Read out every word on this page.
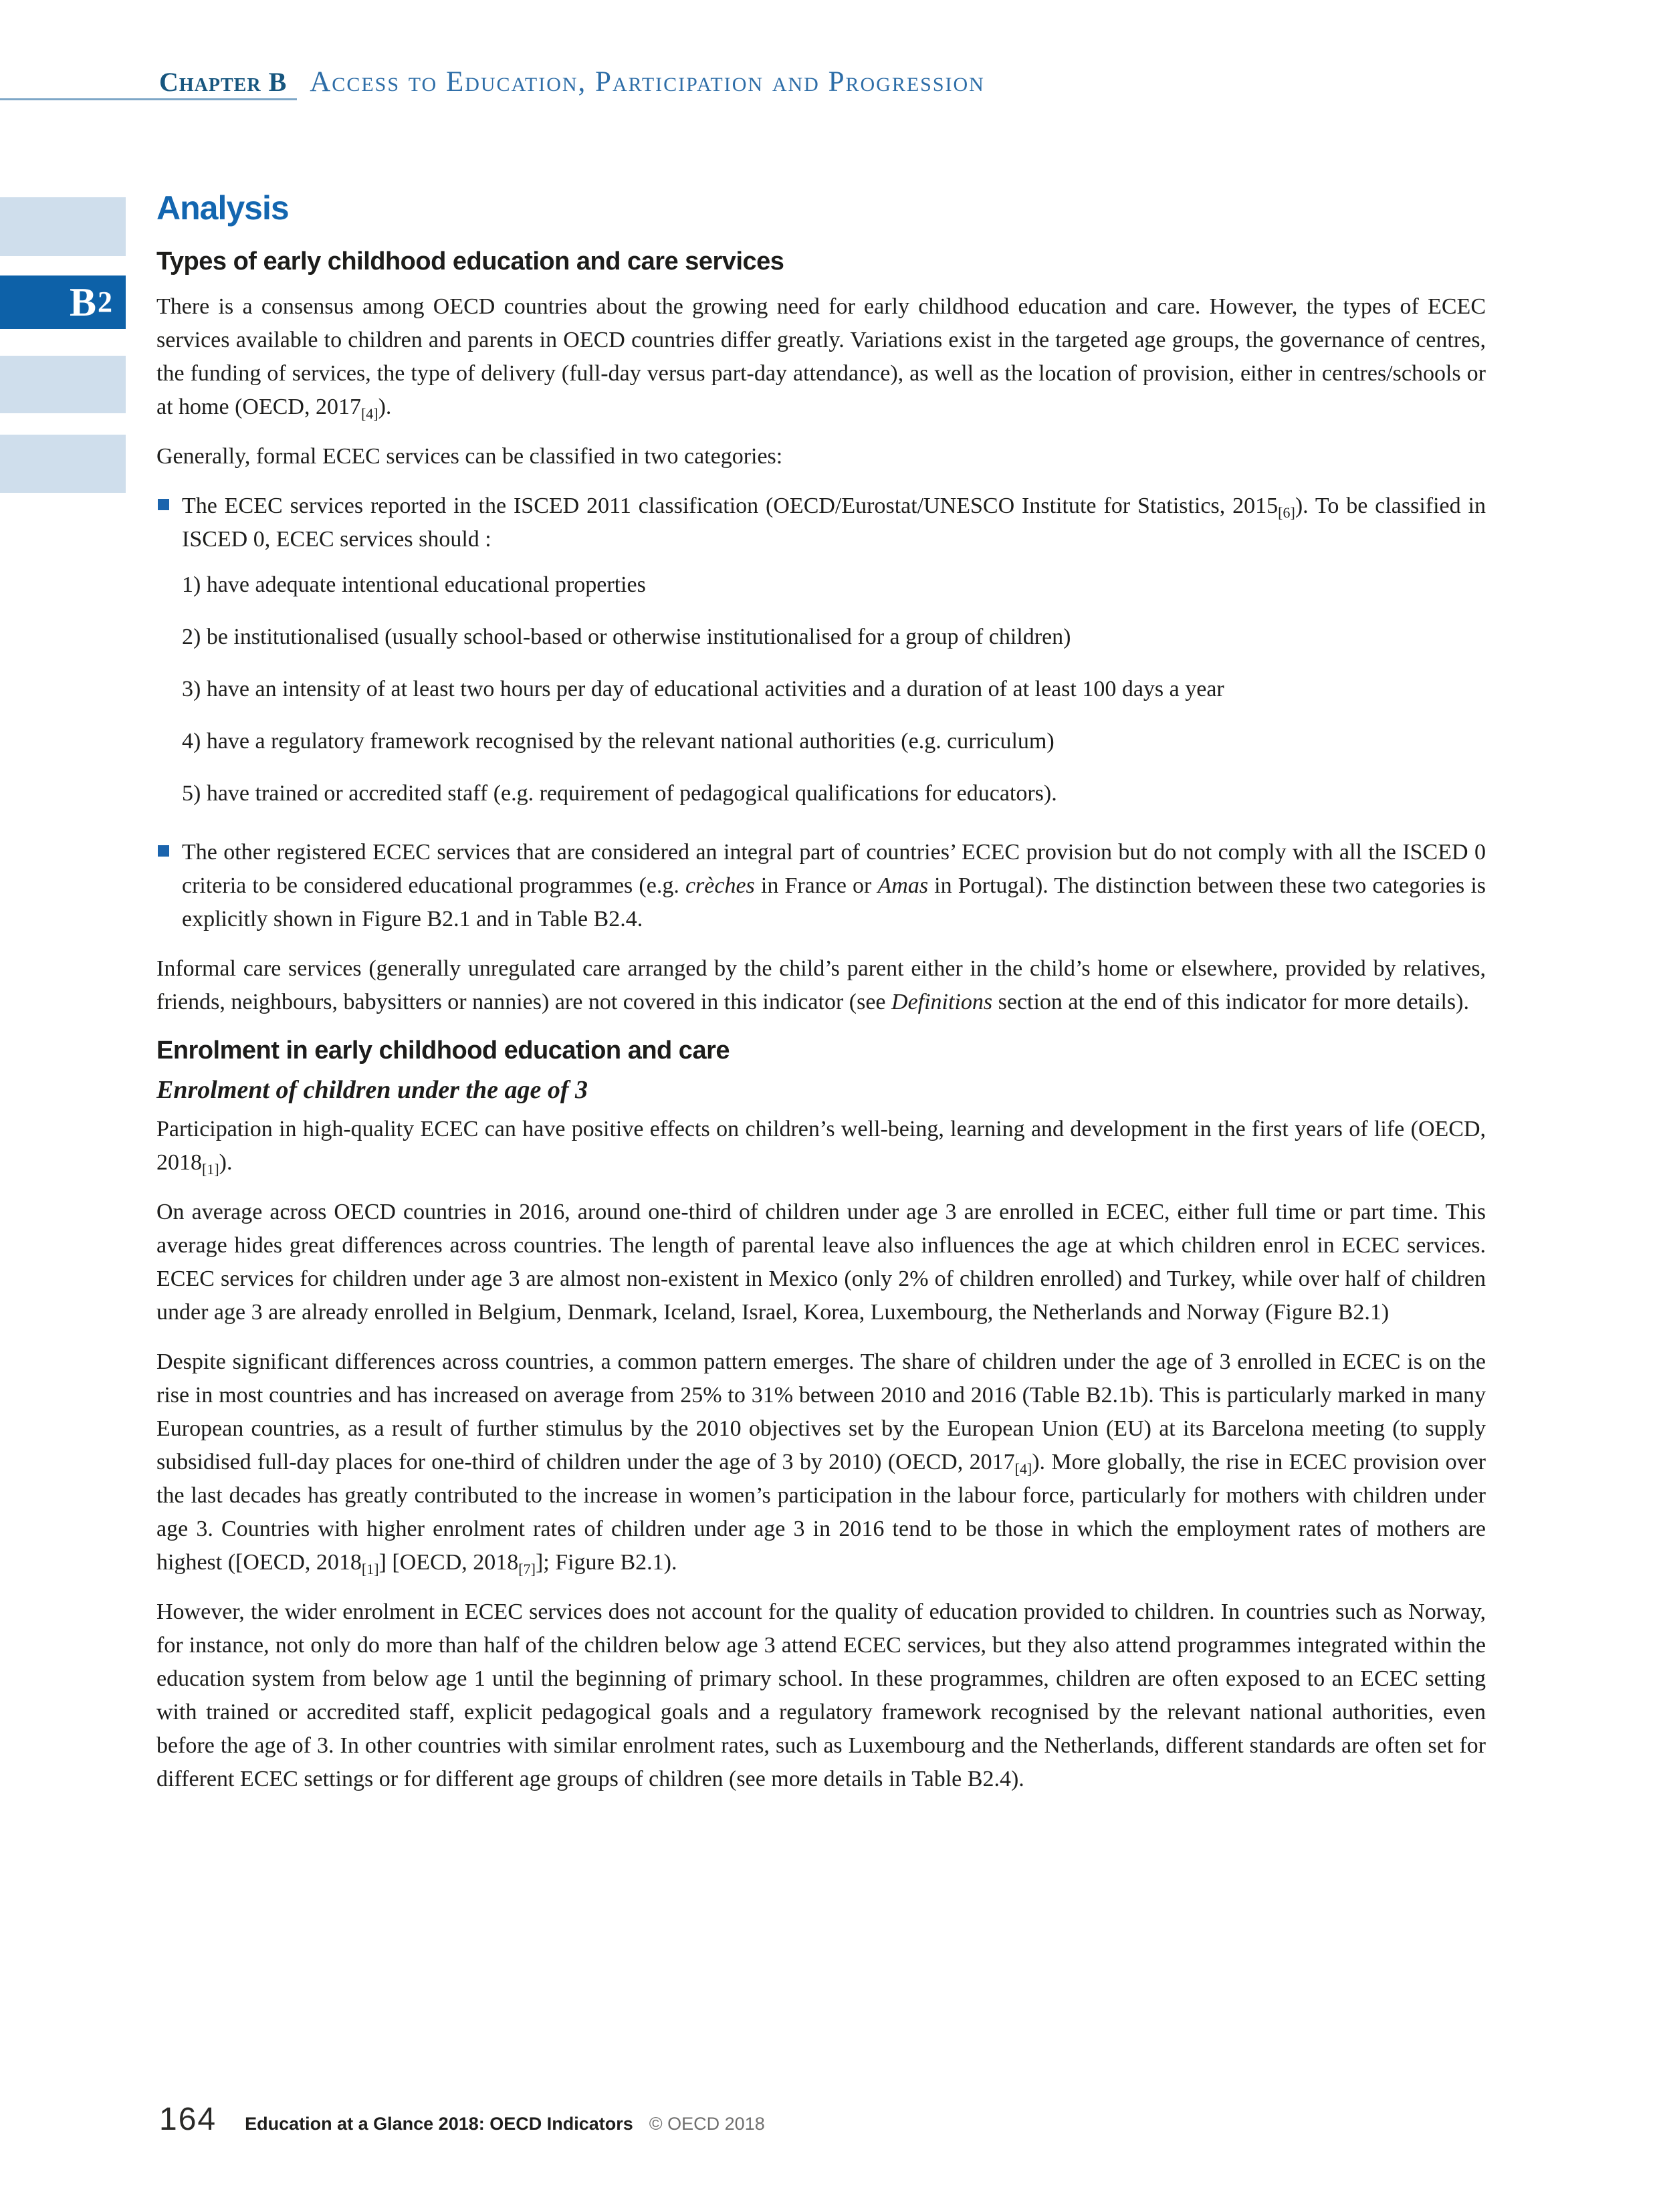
Chapter B Access to Education, Participation and Progression
B 2
Analysis
Types of early childhood education and care services

There is a consensus among OECD countries about the growing need for early childhood education and care. However, the types of ECEC services available to children and parents in OECD countries differ greatly. Variations exist in the targeted age groups, the governance of centres, the funding of services, the type of delivery (full-day versus part-day attendance), as well as the location of provision, either in centres/schools or at home (OECD, $2017_{[4]}$).

Generally, formal ECEC services can be classified in two categories:

The ECEC services reported in the ISCED 2011 classification (OECD/Eurostat/UNESCO Institute for Statistics, $2015_{[6]}$). To be classified in ISCED 0, ECEC services should :

1) have adequate intentional educational properties

2) be institutionalised (usually school-based or otherwise institutionalised for a group of children)

3) have an intensity of at least two hours per day of educational activities and a duration of at least 100 days a year

4) have a regulatory framework recognised by the relevant national authorities (e.g. curriculum)

5) have trained or accredited staff (e.g. requirement of pedagogical qualifications for educators).

The other registered ECEC services that are considered an integral part of countries’ ECEC provision but do not comply with all the ISCED 0 criteria to be considered educational programmes (e.g. crèches in France or Amas in Portugal). The distinction between these two categories is explicitly shown in Figure B2.1 and in Table B2.4.

Informal care services (generally unregulated care arranged by the child’s parent either in the child’s home or elsewhere, provided by relatives, friends, neighbours, babysitters or nannies) are not covered in this indicator (see Definitions section at the end of this indicator for more details).

Enrolment in early childhood education and care
Enrolment of children under the age of 3

Participation in high-quality ECEC can have positive effects on children’s well-being, learning and development in the first years of life (OECD, $2018_{[1]}$).

On average across OECD countries in 2016, around one-third of children under age 3 are enrolled in ECEC, either full time or part time. This average hides great differences across countries. The length of parental leave also influences the age at which children enrol in ECEC services. ECEC services for children under age 3 are almost non-existent in Mexico (only 2% of children enrolled) and Turkey, while over half of children under age 3 are already enrolled in Belgium, Denmark, Iceland, Israel, Korea, Luxembourg, the Netherlands and Norway (Figure B2.1)

Despite significant differences across countries, a common pattern emerges. The share of children under the age of 3 enrolled in ECEC is on the rise in most countries and has increased on average from 25% to 31% between 2010 and 2016 (Table B2.1b). This is particularly marked in many European countries, as a result of further stimulus by the 2010 objectives set by the European Union (EU) at its Barcelona meeting (to supply subsidised full-day places for one-third of children under the age of 3 by 2010) (OECD, $2017_{[4]}$). More globally, the rise in ECEC provision over the last decades has greatly contributed to the increase in women’s participation in the labour force, particularly for mothers with children under age 3. Countries with higher enrolment rates of children under age 3 in 2016 tend to be those in which the employment rates of mothers are highest ([OECD, $2018_{[1]}$] [OECD, $2018_{[7]}$]; Figure B2.1).

However, the wider enrolment in ECEC services does not account for the quality of education provided to children. In countries such as Norway, for instance, not only do more than half of the children below age 3 attend ECEC services, but they also attend programmes integrated within the education system from below age 1 until the beginning of primary school. In these programmes, children are often exposed to an ECEC setting with trained or accredited staff, explicit pedagogical goals and a regulatory framework recognised by the relevant national authorities, even before the age of 3. In other countries with similar enrolment rates, such as Luxembourg and the Netherlands, different standards are often set for different ECEC settings or for different age groups of children (see more details in Table B2.4).

164 Education at a Glance 2018: OECD Indicators © OECD 2018
